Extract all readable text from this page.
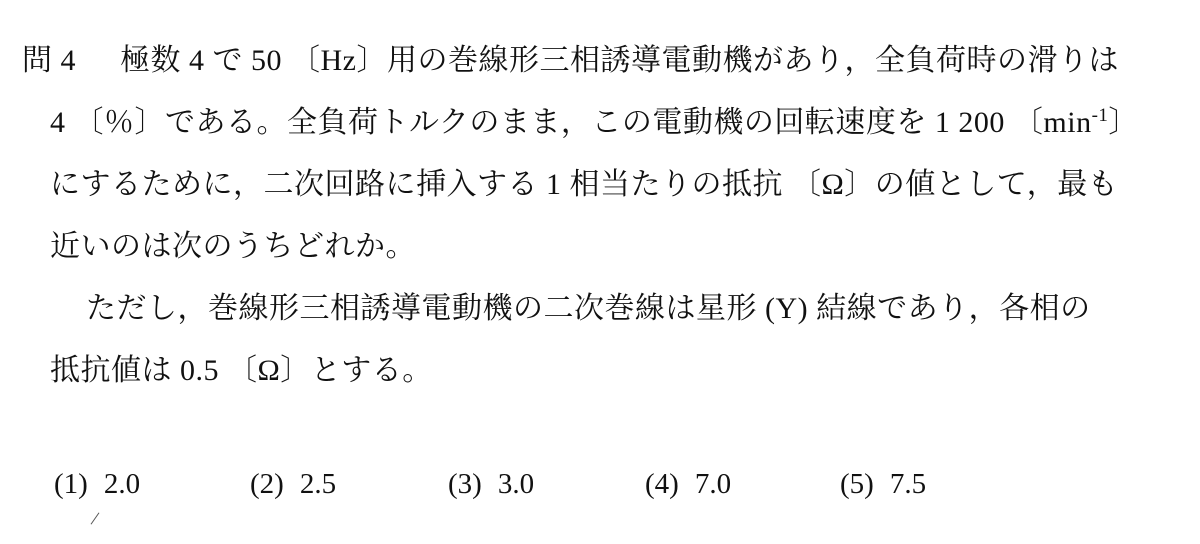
問 4 極数 4 で 50 〔Hz〕用の巻線形三相誘導電動機があり，全負荷時の滑りは
4 〔％〕である。全負荷トルクのまま，この電動機の回転速度を 1 200 〔$\min^{-1}$〕
にするために，二次回路に挿入する 1 相当たりの抵抗 〔Ω〕の値として，最も
近いのは次のうちどれか。
ただし，巻線形三相誘導電動機の二次巻線は星形 (Y) 結線であり，各相の
抵抗値は 0.5 〔Ω〕とする。
(1) 2.0	(2) 2.5	(3) 3.0	(4) 7.0	(5) 7.5
